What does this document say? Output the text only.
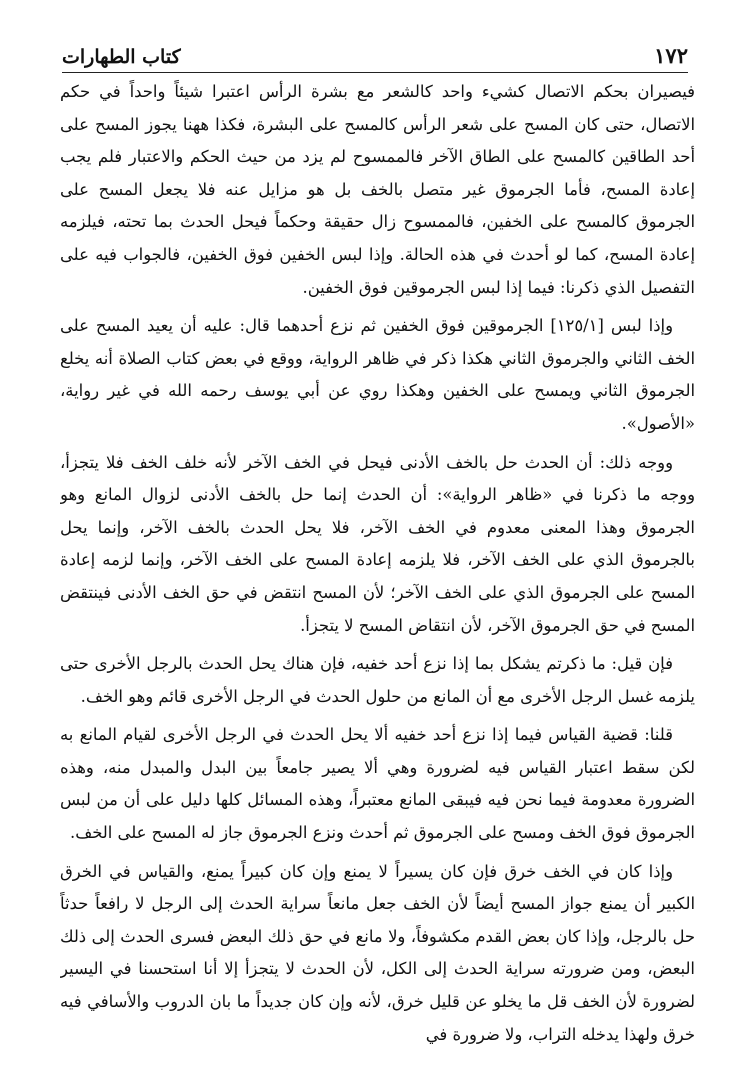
١٧٢
كتاب الطهارات

فيصيران بحكم الاتصال كشيء واحد كالشعر مع بشرة الرأس اعتبرا شيئاً واحداً في حكم الاتصال، حتى كان المسح على شعر الرأس كالمسح على البشرة، فكذا ههنا يجوز المسح على أحد الطاقين كالمسح على الطاق الآخر فالممسوح لم يزد من حيث الحكم والاعتبار فلم يجب إعادة المسح، فأما الجرموق غير متصل بالخف بل هو مزايل عنه فلا يجعل المسح على الجرموق كالمسح على الخفين، فالممسوح زال حقيقة وحكماً فيحل الحدث بما تحته، فيلزمه إعادة المسح، كما لو أحدث في هذه الحالة. وإذا لبس الخفين فوق الخفين، فالجواب فيه على التفصيل الذي ذكرنا: فيما إذا لبس الجرموقين فوق الخفين.

وإذا لبس [١٢٥/١] الجرموقين فوق الخفين ثم نزع أحدهما قال: عليه أن يعيد المسح على الخف الثاني والجرموق الثاني هكذا ذكر في ظاهر الرواية، ووقع في بعض كتاب الصلاة أنه يخلع الجرموق الثاني ويمسح على الخفين وهكذا روي عن أبي يوسف رحمه الله في غير رواية، «الأصول».

ووجه ذلك: أن الحدث حل بالخف الأدنى فيحل في الخف الآخر لأنه خلف الخف فلا يتجزأ، ووجه ما ذكرنا في «ظاهر الرواية»: أن الحدث إنما حل بالخف الأدنى لزوال المانع وهو الجرموق وهذا المعنى معدوم في الخف الآخر، فلا يحل الحدث بالخف الآخر، وإنما يحل بالجرموق الذي على الخف الآخر، فلا يلزمه إعادة المسح على الخف الآخر، وإنما لزمه إعادة المسح على الجرموق الذي على الخف الآخر؛ لأن المسح انتقض في حق الخف الأدنى فينتقض المسح في حق الجرموق الآخر، لأن انتقاض المسح لا يتجزأ.

فإن قيل: ما ذكرتم يشكل بما إذا نزع أحد خفيه، فإن هناك يحل الحدث بالرجل الأخرى حتى يلزمه غسل الرجل الأخرى مع أن المانع من حلول الحدث في الرجل الأخرى قائم وهو الخف.

قلنا: قضية القياس فيما إذا نزع أحد خفيه ألا يحل الحدث في الرجل الأخرى لقيام المانع به لكن سقط اعتبار القياس فيه لضرورة وهي ألا يصير جامعاً بين البدل والمبدل منه، وهذه الضرورة معدومة فيما نحن فيه فيبقى المانع معتبراً، وهذه المسائل كلها دليل على أن من لبس الجرموق فوق الخف ومسح على الجرموق ثم أحدث ونزع الجرموق جاز له المسح على الخف.

وإذا كان في الخف خرق فإن كان يسيراً لا يمنع وإن كان كبيراً يمنع، والقياس في الخرق الكبير أن يمنع جواز المسح أيضاً لأن الخف جعل مانعاً سراية الحدث إلى الرجل لا رافعاً حدثاً حل بالرجل، وإذا كان بعض القدم مكشوفاً، ولا مانع في حق ذلك البعض فسرى الحدث إلى ذلك البعض، ومن ضرورته سراية الحدث إلى الكل، لأن الحدث لا يتجزأ إلا أنا استحسنا في اليسير لضرورة لأن الخف قل ما يخلو عن قليل خرق، لأنه وإن كان جديداً ما بان الدروب والأسافي فيه خرق ولهذا يدخله التراب، ولا ضرورة في
